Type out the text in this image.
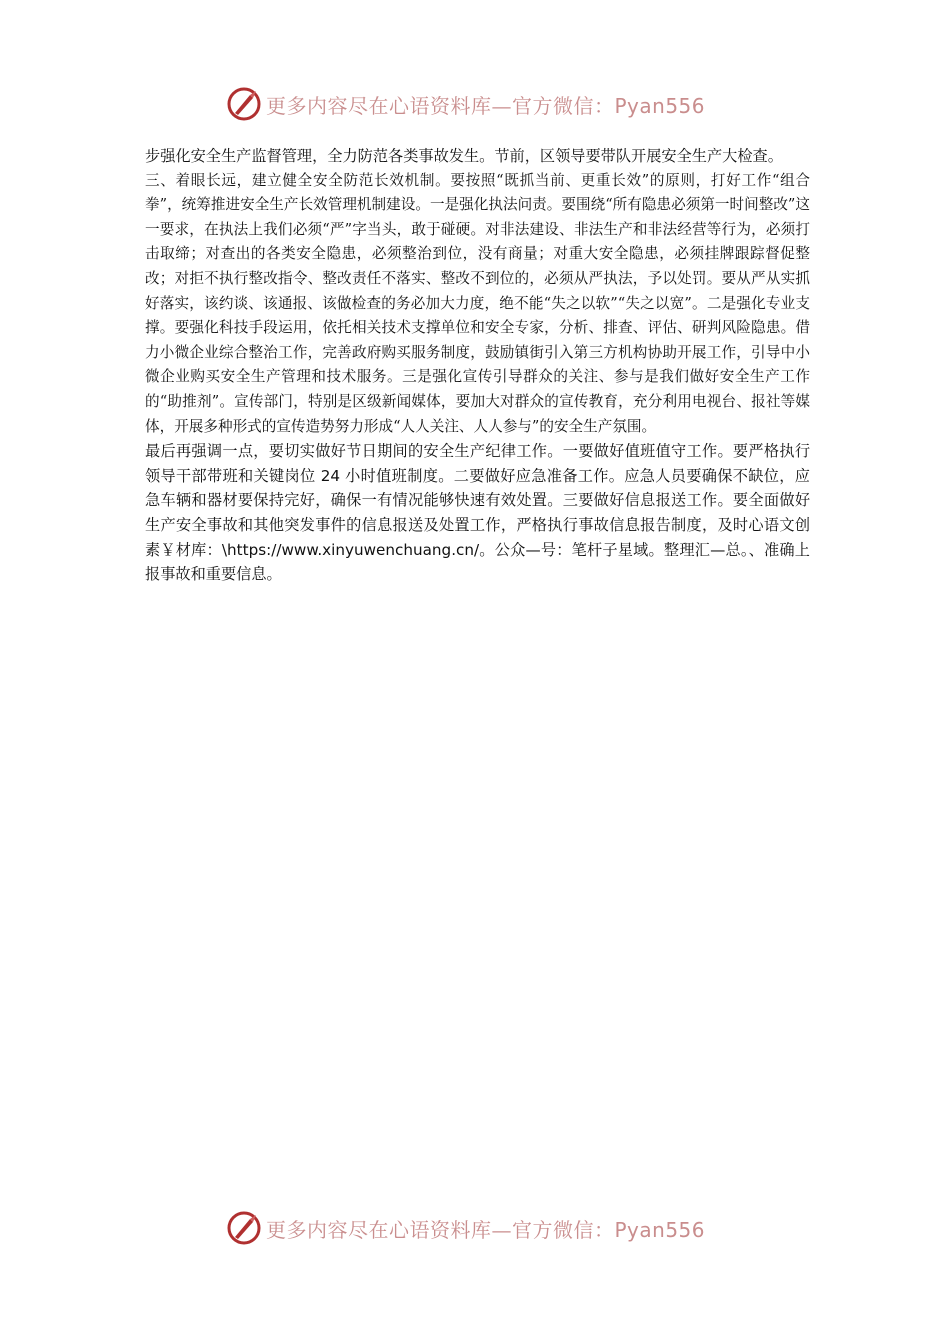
更多内容尽在心语资料库— 官方微信：Pyan556

步强化安全生产监督管理，全力防范各类事故发生。节前，区领导要带队开展安全生产大检查。

三、着眼长远，建立健全安全防范长效机制。要按照“既抓当前、更重长效”的原则，打好工作“组合拳”，统筹推进安全生产长效管理机制建设。一是强化执法问责。要围绕“所有隐患必须第一时间整改”这一要求，在执法上我们必须“严”字当头，敢于碰硬。对非法建设、非法生产和非法经营等行为，必须打击取缔；对查出的各类安全隐患，必须整治到位，没有商量；对重大安全隐患，必须挂牌跟踪督促整改；对拒不执行整改指令、整改责任不落实、整改不到位的，必须从严执法，予以处罚。要从严从实抓好落实，该约谈、该通报、该做检查的务必加大力度，绝不能“失之以软”“失之以宽”。二是强化专业支撑。要强化科技手段运用，依托相关技术支撑单位和安全专家，分析、排查、评估、研判风险隐患。借力小微企业综合整治工作，完善政府购买服务制度，鼓励镇街引入第三方机构协助开展工作，引导中小微企业购买安全生产管理和技术服务。三是强化宣传引导群众的关注、参与是我们做好安全生产工作的“助推剂”。宣传部门，特别是区级新闻媒体，要加大对群众的宣传教育，充分利用电视台、报社等媒体，开展多种形式的宣传造势努力形成“人人关注、人人参与”的安全生产氛围。

最后再强调一点，要切实做好节日期间的安全生产纪律工作。一要做好值班值守工作。要严格执行领导干部带班和关键岗位 24 小时值班制度。二要做好应急准备工作。应急人员要确保不缺位，应急车辆和器材要保持完好，确保一有情况能够快速有效处置。三要做好信息报送工作。要全面做好生产安全事故和其他突发事件的信息报送及处置工作，严格执行事故信息报告制度，及时心语文创素￥材库：\https://www.xinyuwenchuang.cn/。公众—号：笔杆子星域。整理汇—总。、准确上报事故和重要信息。

更多内容尽在心语资料库— 官方微信：Pyan556
